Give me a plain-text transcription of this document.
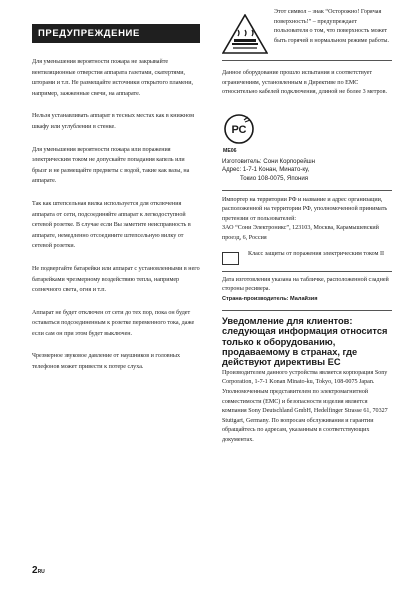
ПРЕДУПРЕЖДЕНИЕ

Для уменьшения вероятности пожара не закрывайте вентиляционные отверстия аппарата газетами, скатертями, шторами и т.п. Не размещайте источники открытого пламени, например, зажженные свечи, на аппарате.

Нельзя устанавливать аппарат в тесных местах как в книжном шкафу или углублении в стенке.

Для уменьшения вероятности пожара или поражения электрическим током не допускайте попадания капель или брызг и не размещайте предметы с водой, такие как вазы, на аппарате.

Так как штепсельная вилка используется для отключения аппарата от сети, подсоединяйте аппарат к легкодоступной сетевой розетке. В случае если Вы заметите неисправность в аппарате, немедленно отсоедините штепсельную вилку от сетевой розетки.

Не подвергайте батарейки или аппарат с установленными в него батарейками чрезмерному воздействию тепла, например солнечного света, огня и т.п.

Аппарат не будет отключен от сети до тех пор, пока он будет оставаться подсоединенным к розетке переменного тока, даже если сам он при этом будет выключен.

Чрезмерное звуковое давление от наушников и головных телефонов может привести к потере слуха.

Этот символ – знак “Осторожно! Горячая поверхность!” – предупреждает пользователя о том, что поверхность может быть горячей в нормальном режиме работы.

Данное оборудование прошло испытания и соответствует ограничениям, установленным в Директиве по ЕМС относительно кабелей подключения, длиной не более 3 метров.

РС

МЕ06

Изготовитель: Сони Корпорейшн

Адрес: 1-7-1 Конан, Минато-ку,

Токио 108-0075, Япония

Импортер на территории РФ и название и адрес организации, расположенной на территории РФ, уполномоченной принимать претензии от пользователей:

ЗАО “Сони Электроникс”, 123103, Москва, Карамышевский проезд, 6, Россия

Класс защиты от поражения электрическим током II

Дата изготовления указана на табличке, расположенной сзадней стороны ресивера.

Страна-производитель: Малайзия

Уведомление для клиентов: следующая информация относится только к оборудованию, продаваемому в странах, где действуют директивы ЕС

Производителем данного устройства является корпорация Sony Corporation, 1-7-1 Konan Minato-ku, Tokyo, 108-0075 Japan. Уполномоченным представителем по электромагнитной совместимости (ЕМС) и безопасности изделия является компания Sony Deutschland GmbH, Hedelfinger Strasse 61, 70327 Stuttgart, Germany. По вопросам обслуживания и гарантии обращайтесь по адресам, указанным в соответствующих документах.

2RU
